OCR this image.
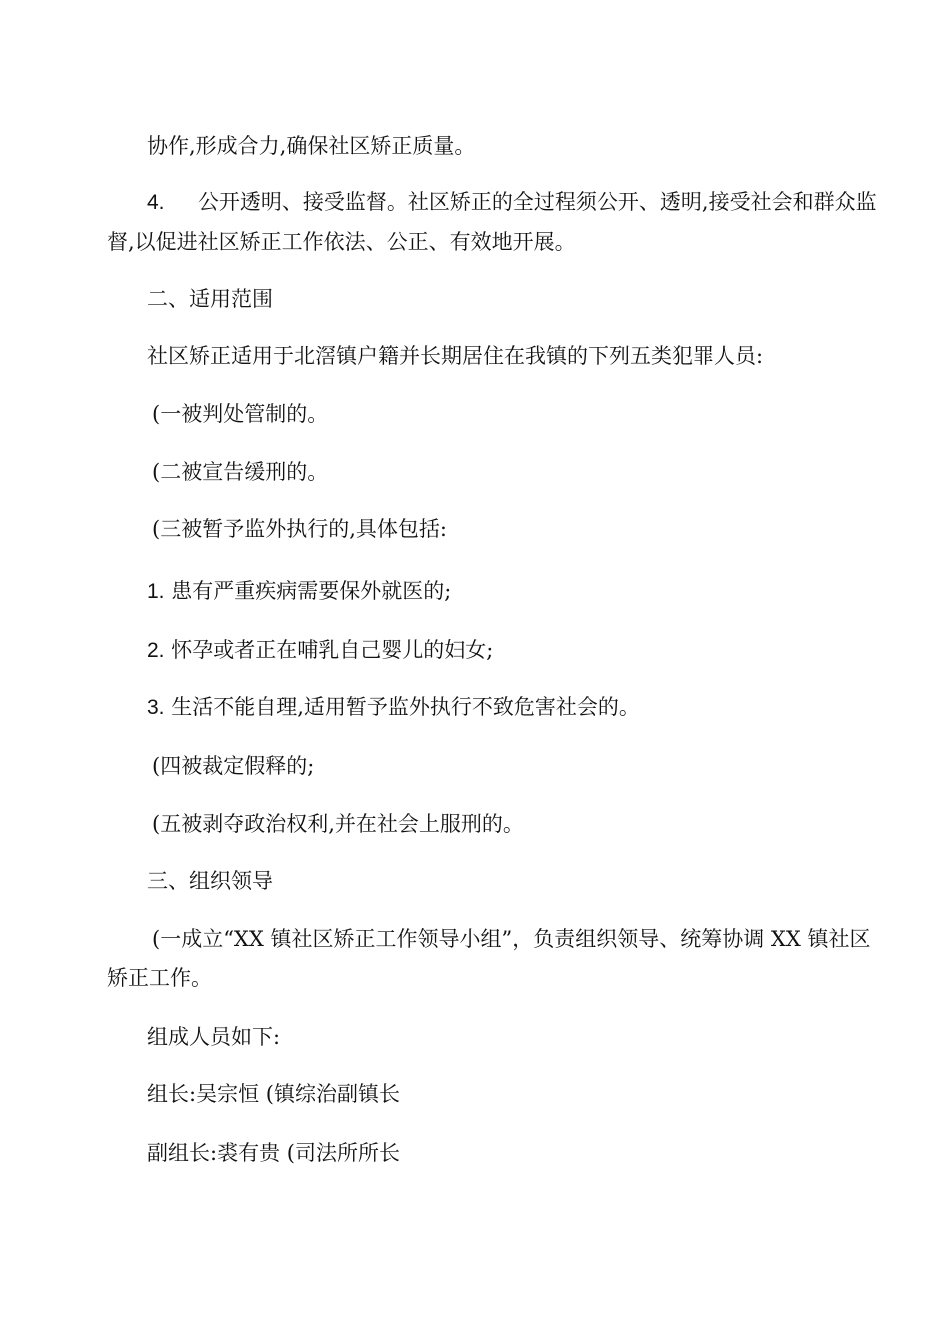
协作,形成合力,确保社区矫正质量。
4. 公开透明、接受监督。社区矫正的全过程须公开、透明,接受社会和群众监
督,以促进社区矫正工作依法、公正、有效地开展。
二、适用范围
社区矫正适用于北滘镇户籍并长期居住在我镇的下列五类犯罪人员:
(一被判处管制的。
(二被宣告缓刑的。
(三被暂予监外执行的,具体包括:
1. 患有严重疾病需要保外就医的;
2. 怀孕或者正在哺乳自己婴儿的妇女;
3. 生活不能自理,适用暂予监外执行不致危害社会的。
(四被裁定假释的;
(五被剥夺政治权利,并在社会上服刑的。
三、组织领导
(一成立“XX 镇社区矫正工作领导小组”，负责组织领导、统筹协调 XX 镇社区
矫正工作。
组成人员如下:
组长:吴宗恒 (镇综治副镇长
副组长:裘有贵 (司法所所长
